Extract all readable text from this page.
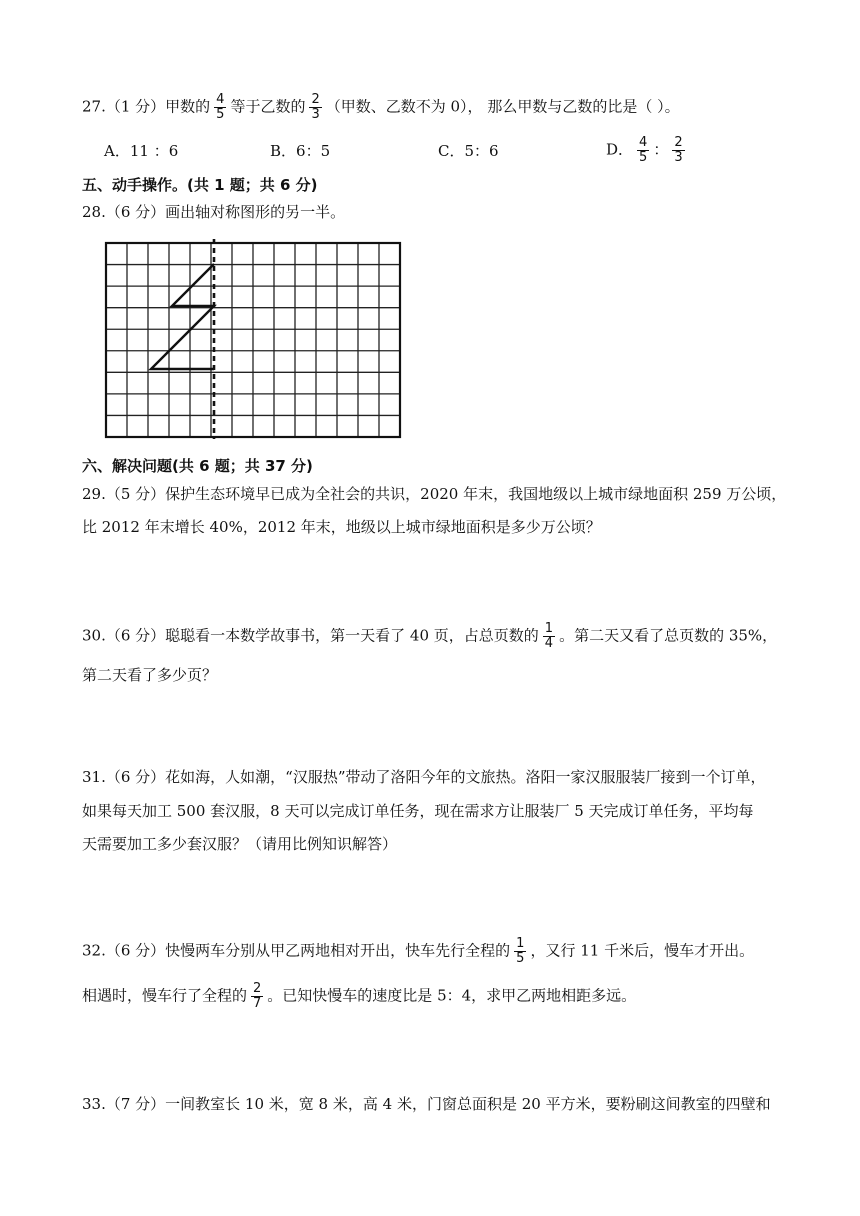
27.（1 分）甲数的 $\frac{4}{5}$ 等于乙数的 $\frac{2}{3}$ （甲数、乙数不为 0）， 那么甲数与乙数的比是（ ）。
A．11 ：6	B．6：5	C．5：6	D． $\frac{4}{5}$ ： $\frac{2}{3}$
五、动手操作。(共 1 题；共 6 分)
28.（6 分）画出轴对称图形的另一半。
六、解决问题(共 6 题；共 37 分)
29.（5 分）保护生态环境早已成为全社会的共识，2020 年末，我国地级以上城市绿地面积 259 万公顷，
比 2012 年末增长 40%，2012 年末，地级以上城市绿地面积是多少万公顷？
30.（6 分）聪聪看一本数学故事书，第一天看了 40 页，占总页数的 $\frac{1}{4}$ 。第二天又看了总页数的 35%，
第二天看了多少页？
31.（6 分）花如海，人如潮，“汉服热”带动了洛阳今年的文旅热。洛阳一家汉服服装厂接到一个订单，
如果每天加工 500 套汉服，8 天可以完成订单任务，现在需求方让服装厂 5 天完成订单任务，平均每
天需要加工多少套汉服？（请用比例知识解答）
32.（6 分）快慢两车分别从甲乙两地相对开出，快车先行全程的 $\frac{1}{5}$ ，又行 11 千米后，慢车才开出。
相遇时，慢车行了全程的 $\frac{2}{7}$ 。已知快慢车的速度比是 5：4，求甲乙两地相距多远。
33.（7 分）一间教室长 10 米，宽 8 米，高 4 米，门窗总面积是 20 平方米，要粉刷这间教室的四壁和
